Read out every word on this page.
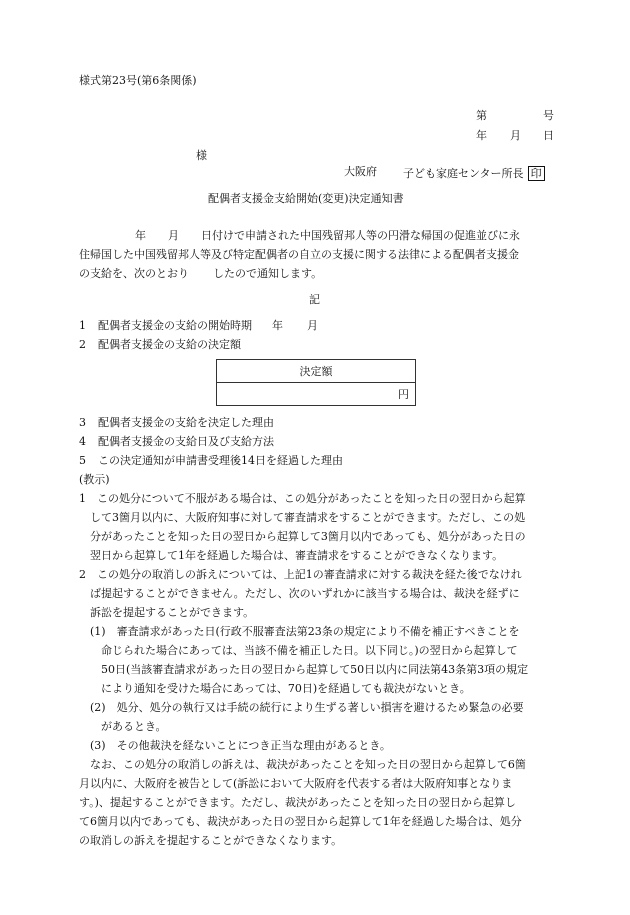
様式第23号(第6条関係)
第	号
年 月 日
様
大阪府 子ども家庭センター所長 印
配偶者支援金支給開始(変更)決定通知書
年 月 日付けで申請された中国残留邦人等の円滑な帰国の促進並びに永
住帰国した中国残留邦人等及び特定配偶者の自立の支援に関する法律による配偶者支援金
の支給を、次のとおり したので通知します。
記
1 配偶者支援金の支給の開始時期 年 月
2 配偶者支援金の支給の決定額
決定額
円
3 配偶者支援金の支給を決定した理由
4 配偶者支援金の支給日及び支給方法
5 この決定通知が申請書受理後14日を経過した理由
(教示)
1　この処分について不服がある場合は、この処分があったことを知った日の翌日から起算
して3箇月以内に、大阪府知事に対して審査請求をすることができます。ただし、この処
分があったことを知った日の翌日から起算して3箇月以内であっても、処分があった日の
翌日から起算して1年を経過した場合は、審査請求をすることができなくなります。
2　この処分の取消しの訴えについては、上記1の審査請求に対する裁決を経た後でなけれ
ば提起することができません。ただし、次のいずれかに該当する場合は、裁決を経ずに
訴訟を提起することができます。
(1)　審査請求があった日(行政不服審査法第23条の規定により不備を補正すべきことを
命じられた場合にあっては、当該不備を補正した日。以下同じ。)の翌日から起算して
50日(当該審査請求があった日の翌日から起算して50日以内に同法第43条第3項の規定
により通知を受けた場合にあっては、70日)を経過しても裁決がないとき。
(2)　処分、処分の執行又は手続の続行により生ずる著しい損害を避けるため緊急の必要
があるとき。
(3)　その他裁決を経ないことにつき正当な理由があるとき。
なお、この処分の取消しの訴えは、裁決があったことを知った日の翌日から起算して6箇
月以内に、大阪府を被告として(訴訟において大阪府を代表する者は大阪府知事となりま
す。)、提起することができます。ただし、裁決があったことを知った日の翌日から起算し
て6箇月以内であっても、裁決があった日の翌日から起算して1年を経過した場合は、処分
の取消しの訴えを提起することができなくなります。
